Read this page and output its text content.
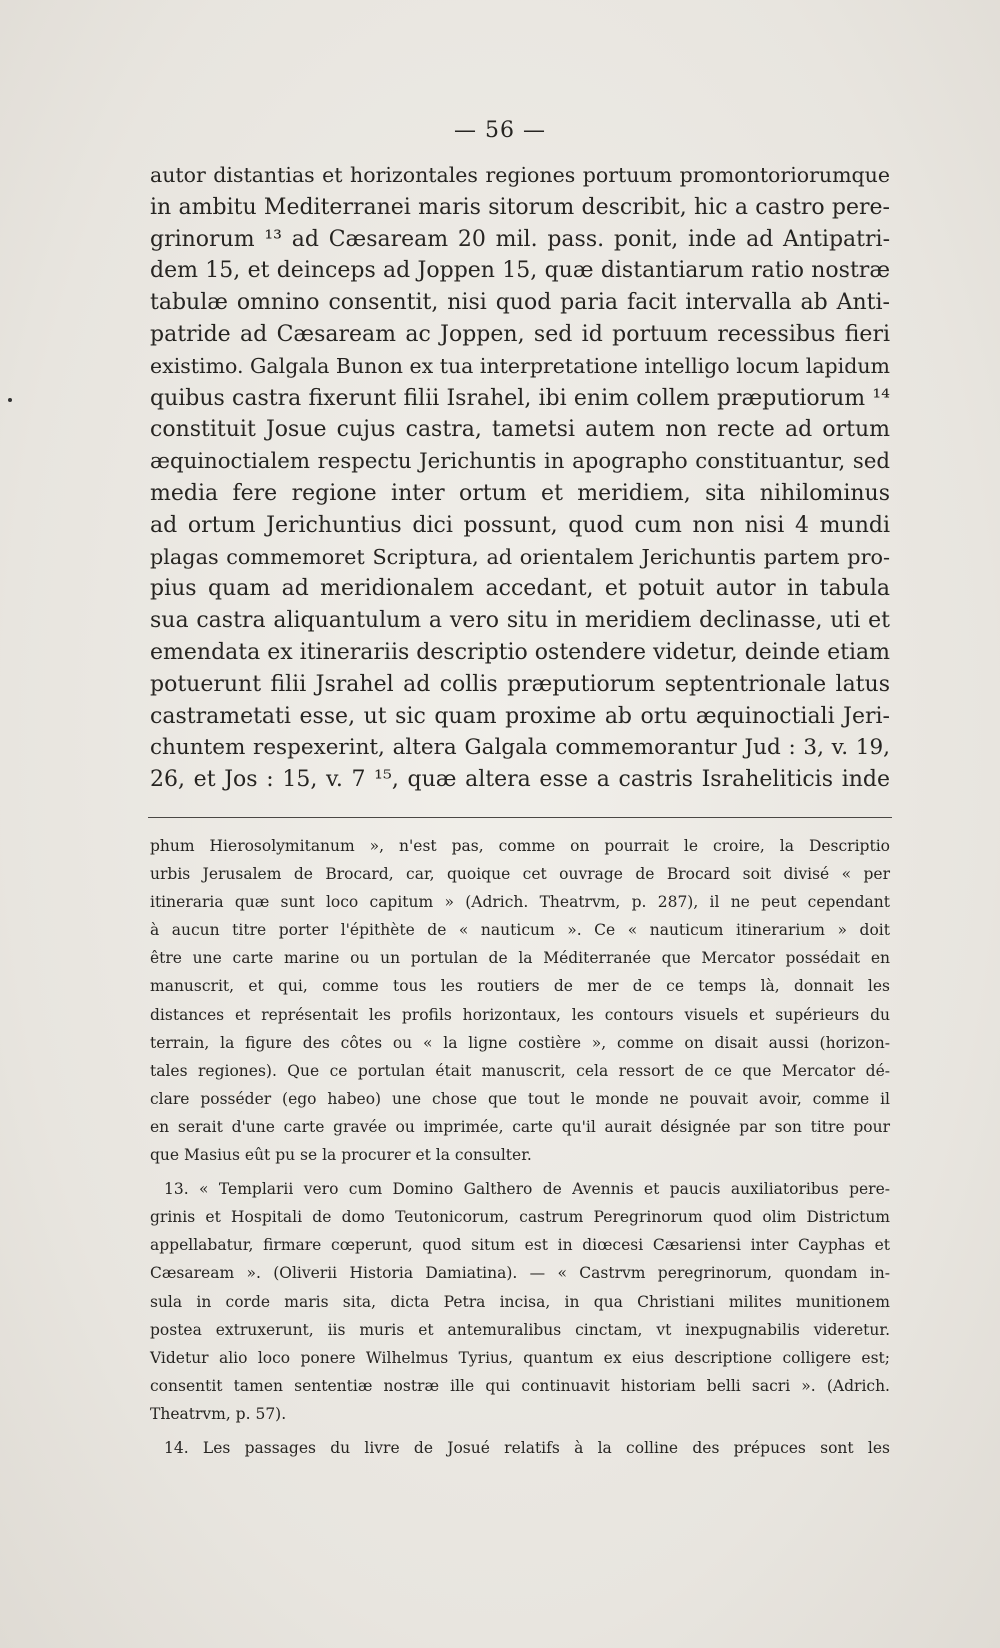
— 56 —
autor distantias et horizontales regiones portuum promontoriorumque
in ambitu Mediterranei maris sitorum describit, hic a castro pere-
grinorum ¹³ ad Cæsaream 20 mil. pass. ponit, inde ad Antipatri-
dem 15, et deinceps ad Joppen 15, quæ distantiarum ratio nostræ
tabulæ omnino consentit, nisi quod paria facit intervalla ab Anti-
patride ad Cæsaream ac Joppen, sed id portuum recessibus fieri
existimo. Galgala Bunon ex tua interpretatione intelligo locum lapidum
quibus castra fixerunt filii Israhel, ibi enim collem præputiorum ¹⁴
constituit Josue cujus castra, tametsi autem non recte ad ortum
æquinoctialem respectu Jerichuntis in apographo constituantur, sed
media fere regione inter ortum et meridiem, sita nihilominus
ad ortum Jerichuntius dici possunt, quod cum non nisi 4 mundi
plagas commemoret Scriptura, ad orientalem Jerichuntis partem pro-
pius quam ad meridionalem accedant, et potuit autor in tabula
sua castra aliquantulum a vero situ in meridiem declinasse, uti et
emendata ex itinerariis descriptio ostendere videtur, deinde etiam
potuerunt filii Jsrahel ad collis præputiorum septentrionale latus
castrametati esse, ut sic quam proxime ab ortu æquinoctiali Jeri-
chuntem respexerint, altera Galgala commemorantur Jud : 3, v. 19,
26, et Jos : 15, v. 7 ¹⁵, quæ altera esse a castris Israheliticis inde
phum Hierosolymitanum », n'est pas, comme on pourrait le croire, la Descriptio
urbis Jerusalem de Brocard, car, quoique cet ouvrage de Brocard soit divisé « per
itineraria quæ sunt loco capitum » (Adrich. Theatrvm, p. 287), il ne peut cependant
à aucun titre porter l'épithète de « nauticum ». Ce « nauticum itinerarium » doit
être une carte marine ou un portulan de la Méditerranée que Mercator possédait en
manuscrit, et qui, comme tous les routiers de mer de ce temps là, donnait les
distances et représentait les profils horizontaux, les contours visuels et supérieurs du
terrain, la figure des côtes ou « la ligne costière », comme on disait aussi (horizon-
tales regiones). Que ce portulan était manuscrit, cela ressort de ce que Mercator dé-
clare posséder (ego habeo) une chose que tout le monde ne pouvait avoir, comme il
en serait d'une carte gravée ou imprimée, carte qu'il aurait désignée par son titre pour
que Masius eût pu se la procurer et la consulter.
13. « Templarii vero cum Domino Galthero de Avennis et paucis auxiliatoribus pere-
grinis et Hospitali de domo Teutonicorum, castrum Peregrinorum quod olim Districtum
appellabatur, firmare cœperunt, quod situm est in diœcesi Cæsariensi inter Cayphas et
Cæsaream ». (Oliverii Historia Damiatina). — « Castrvm peregrinorum, quondam in-
sula in corde maris sita, dicta Petra incisa, in qua Christiani milites munitionem
postea extruxerunt, iis muris et antemuralibus cinctam, vt inexpugnabilis videretur.
Videtur alio loco ponere Wilhelmus Tyrius, quantum ex eius descriptione colligere est;
consentit tamen sententiæ nostræ ille qui continuavit historiam belli sacri ». (Adrich.
Theatrvm, p. 57).
14. Les passages du livre de Josué relatifs à la colline des prépuces sont les
